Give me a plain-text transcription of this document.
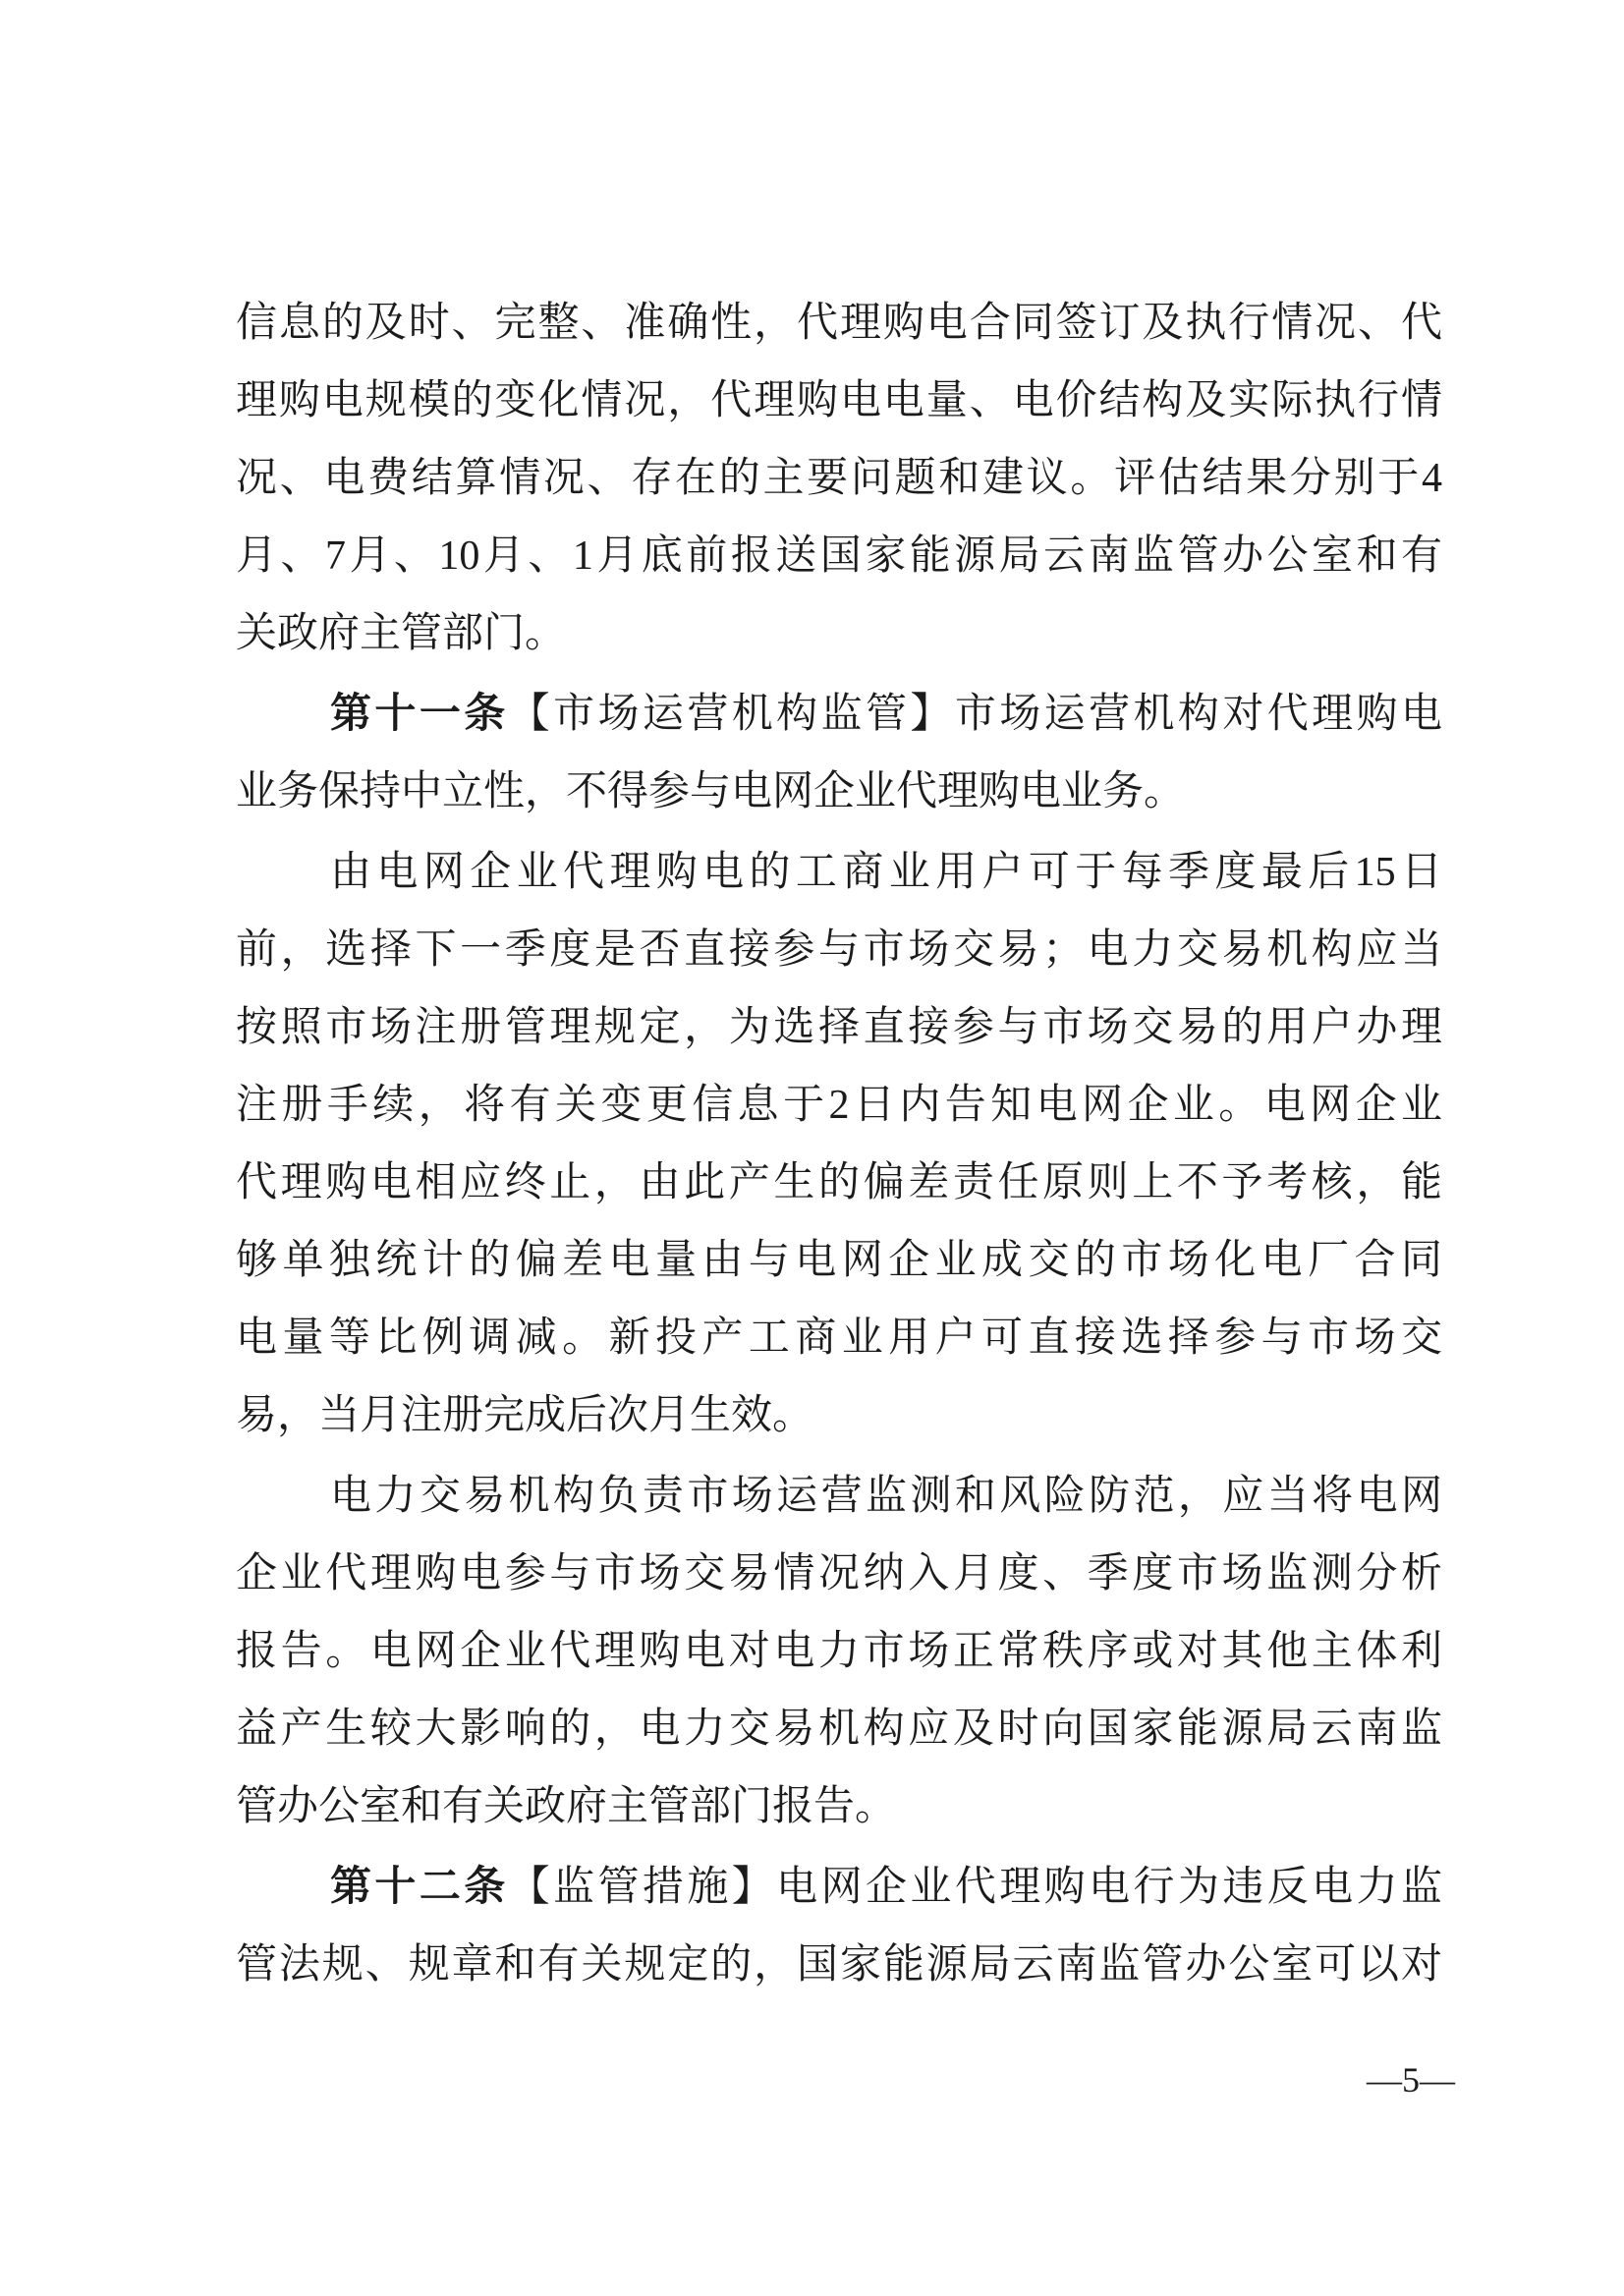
信息的及时、完整、准确性，代理购电合同签订及执行情况、代
理购电规模的变化情况，代理购电电量、电价结构及实际执行情
况、电费结算情况、存在的主要问题和建议。评估结果分别于4
月、7月、10月、1月底前报送国家能源局云南监管办公室和有
关政府主管部门。
第十一条【市场运营机构监管】市场运营机构对代理购电
业务保持中立性，不得参与电网企业代理购电业务。
由电网企业代理购电的工商业用户可于每季度最后15日
前，选择下一季度是否直接参与市场交易；电力交易机构应当
按照市场注册管理规定，为选择直接参与市场交易的用户办理
注册手续，将有关变更信息于2日内告知电网企业。电网企业
代理购电相应终止，由此产生的偏差责任原则上不予考核，能
够单独统计的偏差电量由与电网企业成交的市场化电厂合同
电量等比例调减。新投产工商业用户可直接选择参与市场交
易，当月注册完成后次月生效。
电力交易机构负责市场运营监测和风险防范，应当将电网
企业代理购电参与市场交易情况纳入月度、季度市场监测分析
报告。电网企业代理购电对电力市场正常秩序或对其他主体利
益产生较大影响的，电力交易机构应及时向国家能源局云南监
管办公室和有关政府主管部门报告。
第十二条【监管措施】电网企业代理购电行为违反电力监
管法规、规章和有关规定的，国家能源局云南监管办公室可以对
—5—
